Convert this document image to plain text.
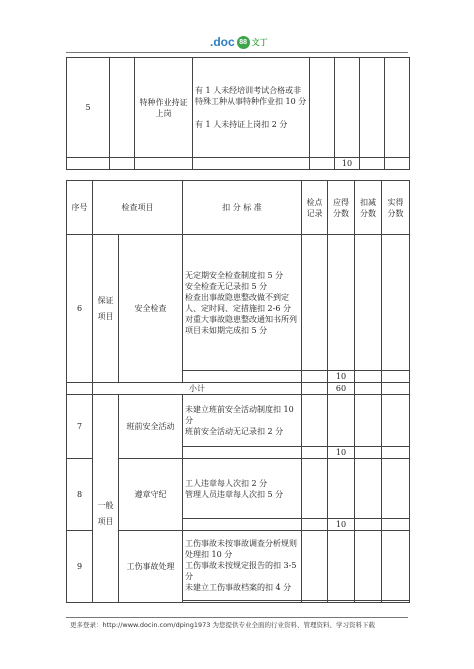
.doc 88 文丁
5		特种作业持证上岗	有 1 人未经培训考试合格或非特殊工种从事特种作业扣 10 分
有 1 人未持证上岗扣 2 分				

					10		
序号	检查项目		扣 分 标 准	检点记录	应得分数	扣减分数	实得分数
6	保证项目	安全检查	无定期安全检查制度扣 5 分
安全检查无记录扣 5 分
检查出事故隐患整改做不到定人、定时间、定措施扣 2-6 分
对重大事故隐患整改通知书所列项目未如期完成扣 5 分				
					10		
	小计				60		
7	一般项目	班前安全活动	未建立班前安全活动制度扣 10 分
班前安全活动无记录扣 2 分				
					10		
8		遵章守纪	工人违章每人次扣 2 分
管理人员违章每人次扣 5 分				
					10		
9		工伤事故处理	工伤事故未按事故调查分析规则处理扣 10 分
工伤事故未按规定报告的扣 3-5 分
未建立工伤事故档案的扣 4 分				

更多登录：http://www.docin.com/dping1973 为您提供专业全面的行业资料、管理资料、学习资料下载
